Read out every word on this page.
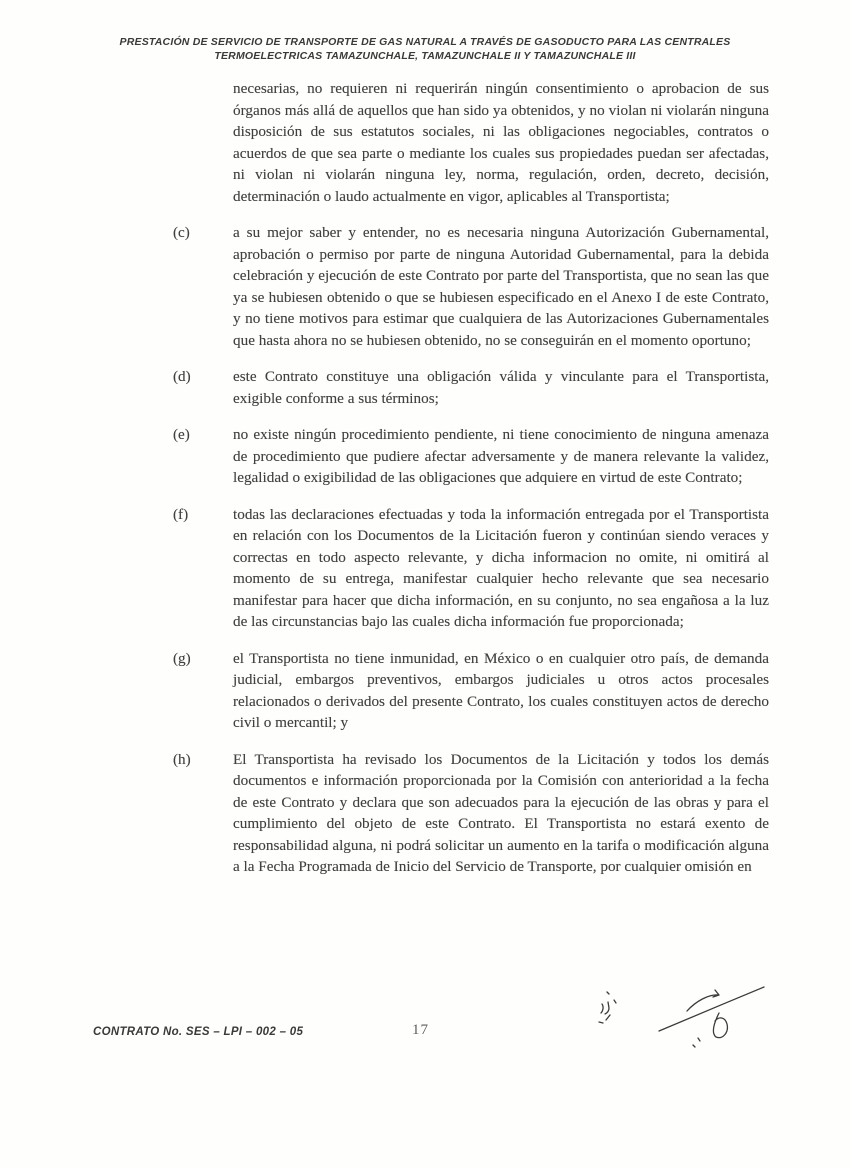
PRESTACIÓN DE SERVICIO DE TRANSPORTE DE GAS NATURAL A TRAVÉS DE GASODUCTO PARA LAS CENTRALES
TERMOELECTRICAS TAMAZUNCHALE, TAMAZUNCHALE II Y TAMAZUNCHALE III
necesarias, no requieren ni requerirán ningún consentimiento o aprobacion de sus órganos más allá de aquellos que han sido ya obtenidos, y no violan ni violarán ninguna disposición de sus estatutos sociales, ni las obligaciones negociables, contratos o acuerdos de que sea parte o mediante los cuales sus propiedades puedan ser afectadas, ni violan ni violarán ninguna ley, norma, regulación, orden, decreto, decisión, determinación o laudo actualmente en vigor, aplicables al Transportista;
(c)	a su mejor saber y entender, no es necesaria ninguna Autorización Gubernamental, aprobación o permiso por parte de ninguna Autoridad Gubernamental, para la debida celebración y ejecución de este Contrato por parte del Transportista, que no sean las que ya se hubiesen obtenido o que se hubiesen especificado en el Anexo I de este Contrato, y no tiene motivos para estimar que cualquiera de las Autorizaciones Gubernamentales que hasta ahora no se hubiesen obtenido, no se conseguirán en el momento oportuno;
(d)	este Contrato constituye una obligación válida y vinculante para el Transportista, exigible conforme a sus términos;
(e)	no existe ningún procedimiento pendiente, ni tiene conocimiento de ninguna amenaza de procedimiento que pudiere afectar adversamente y de manera relevante la validez, legalidad o exigibilidad de las obligaciones que adquiere en virtud de este Contrato;
(f)	todas las declaraciones efectuadas y toda la información entregada por el Transportista en relación con los Documentos de la Licitación fueron y continúan siendo veraces y correctas en todo aspecto relevante, y dicha informacion no omite, ni omitirá al momento de su entrega, manifestar cualquier hecho relevante que sea necesario manifestar para hacer que dicha información, en su conjunto, no sea engañosa a la luz de las circunstancias bajo las cuales dicha información fue proporcionada;
(g)	el Transportista no tiene inmunidad, en México o en cualquier otro país, de demanda judicial, embargos preventivos, embargos judiciales u otros actos procesales relacionados o derivados del presente Contrato, los cuales constituyen actos de derecho civil o mercantil; y
(h)	El Transportista ha revisado los Documentos de la Licitación y todos los demás documentos e información proporcionada por la Comisión con anterioridad a la fecha de este Contrato y declara que son adecuados para la ejecución de las obras y para el cumplimiento del objeto de este Contrato. El Transportista no estará exento de responsabilidad alguna, ni podrá solicitar un aumento en la tarifa o modificación alguna a la Fecha Programada de Inicio del Servicio de Transporte, por cualquier omisión en
CONTRATO No. SES – LPI – 002 – 05	17
